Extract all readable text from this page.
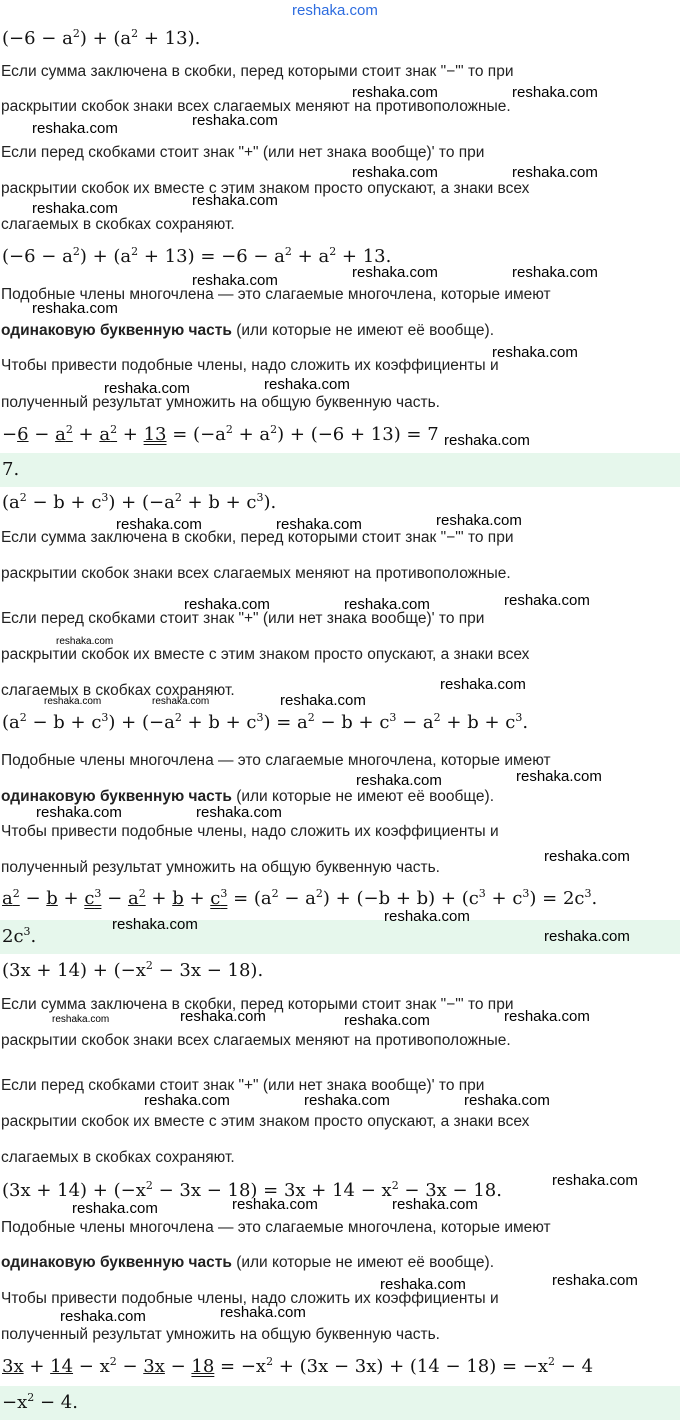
reshaka.com
$(-6 - a^2) + (a^2 + 13)$.
Если сумма заключена в скобки, перед которыми стоит знак "−"' то при
раскрытии скобок знаки всех слагаемых меняют на противоположные.
Если перед скобками стоит знак "+" (или нет знака вообще)' то при
раскрытии скобок их вместе с этим знаком просто опускают, а знаки всех
слагаемых в скобках сохраняют.
$(-6 - a^2) + (a^2 + 13) = -6 - a^2 + a^2 + 13$.
Подобные члены многочлена — это слагаемые многочлена, которые имеют
одинаковую буквенную часть (или которые не имеют её вообще).
Чтобы привести подобные члены, надо сложить их коэффициенты и
полученный результат умножить на общую буквенную часть.
$-6 - a^2 + a^2 + 13 = (-a^2 + a^2) + (-6 + 13) = 7$
7.
$(a^2 - b + c^3) + (-a^2 + b + c^3)$.
Если сумма заключена в скобки, перед которыми стоит знак "−"' то при
раскрытии скобок знаки всех слагаемых меняют на противоположные.
Если перед скобками стоит знак "+" (или нет знака вообще)' то при
раскрытии скобок их вместе с этим знаком просто опускают, а знаки всех
слагаемых в скобках сохраняют.
$(a^2 - b + c^3) + (-a^2 + b + c^3) = a^2 - b + c^3 - a^2 + b + c^3$.
Подобные члены многочлена — это слагаемые многочлена, которые имеют
одинаковую буквенную часть (или которые не имеют её вообще).
Чтобы привести подобные члены, надо сложить их коэффициенты и
полученный результат умножить на общую буквенную часть.
$a^2 - b + c^3 - a^2 + b + c^3 = (a^2 - a^2) + (-b + b) + (c^3 + c^3) = 2c^3$.
$2c^3$.
$(3x + 14) + (-x^2 - 3x - 18)$.
Если сумма заключена в скобки, перед которыми стоит знак "−"' то при
раскрытии скобок знаки всех слагаемых меняют на противоположные.
Если перед скобками стоит знак "+" (или нет знака вообще)' то при
раскрытии скобок их вместе с этим знаком просто опускают, а знаки всех
слагаемых в скобках сохраняют.
$(3x + 14) + (-x^2 - 3x - 18) = 3x + 14 - x^2 - 3x - 18$.
Подобные члены многочлена — это слагаемые многочлена, которые имеют
одинаковую буквенную часть (или которые не имеют её вообще).
Чтобы привести подобные члены, надо сложить их коэффициенты и
полученный результат умножить на общую буквенную часть.
$3x + 14 - x^2 - 3x - 18 = -x^2 + (3x - 3x) + (14 - 18) = -x^2 - 4$
$-x^2 - 4$.
reshaka.com	reshaka.com
reshaka.com	reshaka.com
reshaka.com	reshaka.com
reshaka.com	reshaka.com
reshaka.com	reshaka.com	reshaka.com
reshaka.com
reshaka.com
reshaka.com	reshaka.com
reshaka.com
reshaka.com	reshaka.com	reshaka.com
reshaka.com	reshaka.com	reshaka.com
reshaka.com
reshaka.com
reshaka.com	reshaka.com
reshaka.com	reshaka.com
reshaka.com
reshaka.com
reshaka.com
reshaka.com
reshaka.com	reshaka.com	reshaka.com
reshaka.com	reshaka.com	reshaka.com
reshaka.com
reshaka.com	reshaka.com	reshaka.com
reshaka.com	reshaka.com
reshaka.com	reshaka.com
reshaka.com
reshaka.com	reshaka.com
reshaka.com
